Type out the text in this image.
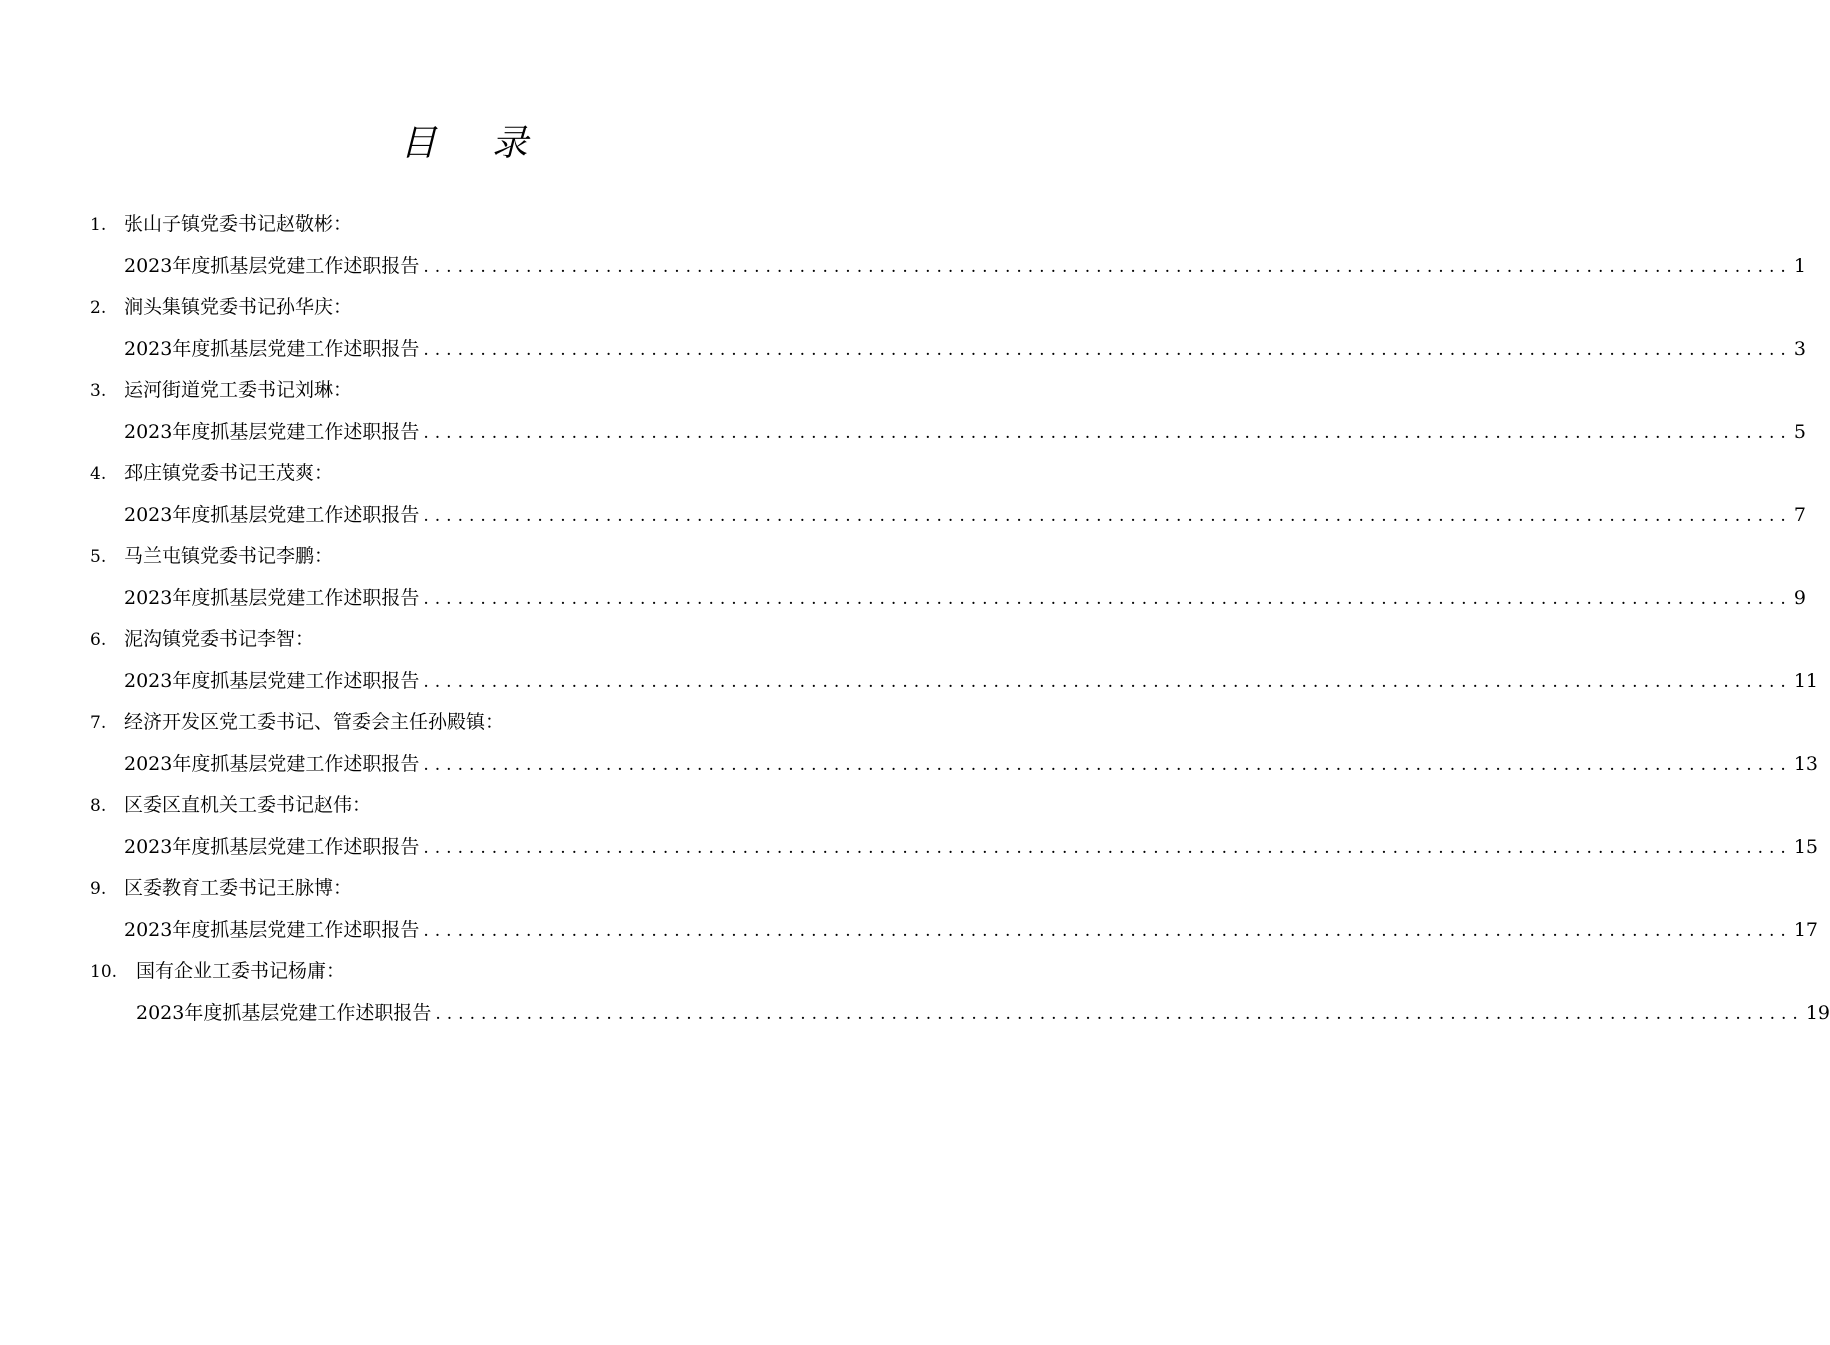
目 录
1. 张山子镇党委书记赵敬彬：
2023年度抓基层党建工作述职报告 ........................................................................................................................ 1
2. 涧头集镇党委书记孙华庆：
2023年度抓基层党建工作述职报告 ........................................................................................................................ 3
3. 运河街道党工委书记刘琳：
2023年度抓基层党建工作述职报告 ........................................................................................................................ 5
4. 邳庄镇党委书记王茂爽：
2023年度抓基层党建工作述职报告 ........................................................................................................................ 7
5. 马兰屯镇党委书记李鹏：
2023年度抓基层党建工作述职报告 ........................................................................................................................ 9
6. 泥沟镇党委书记李智：
2023年度抓基层党建工作述职报告 ........................................................................................................................ 11
7. 经济开发区党工委书记、管委会主任孙殿镇：
2023年度抓基层党建工作述职报告 ........................................................................................................................ 13
8. 区委区直机关工委书记赵伟：
2023年度抓基层党建工作述职报告 ........................................................................................................................ 15
9. 区委教育工委书记王脉博：
2023年度抓基层党建工作述职报告 ........................................................................................................................ 17
10. 国有企业工委书记杨庸：
2023年度抓基层党建工作述职报告 ........................................................................................................................ 19
